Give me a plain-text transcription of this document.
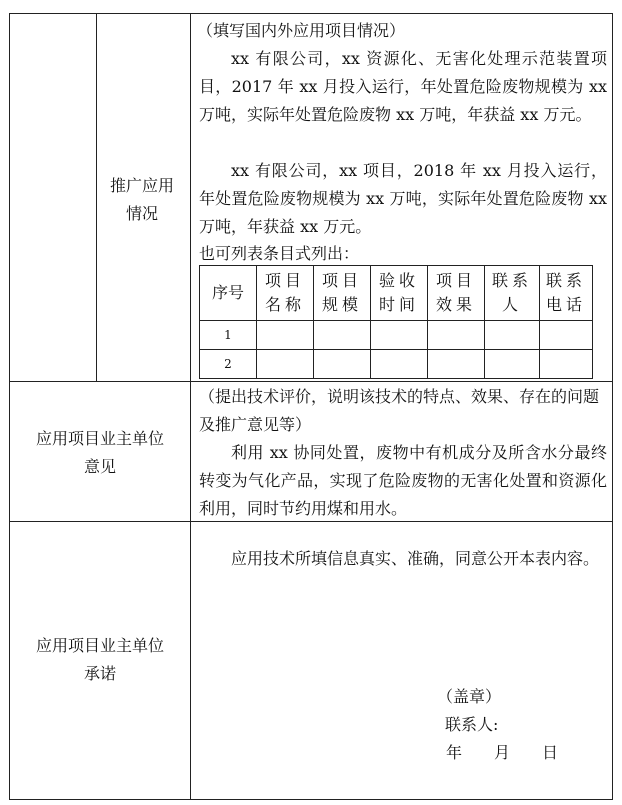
推广应用
情况

（填写国内外应用项目情况）

xx 有限公司，xx 资源化、无害化处理示范装置项目，2017 年 xx 月投入运行，年处置危险废物规模为 xx 万吨，实际年处置危险废物 xx 万吨，年获益 xx 万元。

xx 有限公司，xx 项目，2018 年 xx 月投入运行，年处置危险废物规模为 xx 万吨，实际年处置危险废物 xx 万吨，年获益 xx 万元。

也可列表条目式列出：

序号	项目名称	项目规模	验收时间	项目效果	联系人	联系电话
1						
2						
应用项目业主单位
意见

（提出技术评价，说明该技术的特点、效果、存在的问题及推广意见等）

利用 xx 协同处置，废物中有机成分及所含水分最终转变为气化产品，实现了危险废物的无害化处置和资源化利用，同时节约用煤和用水。

应用项目业主单位
承诺

应用技术所填信息真实、准确，同意公开本表内容。

（盖章）
联系人:
年　　月　　日
